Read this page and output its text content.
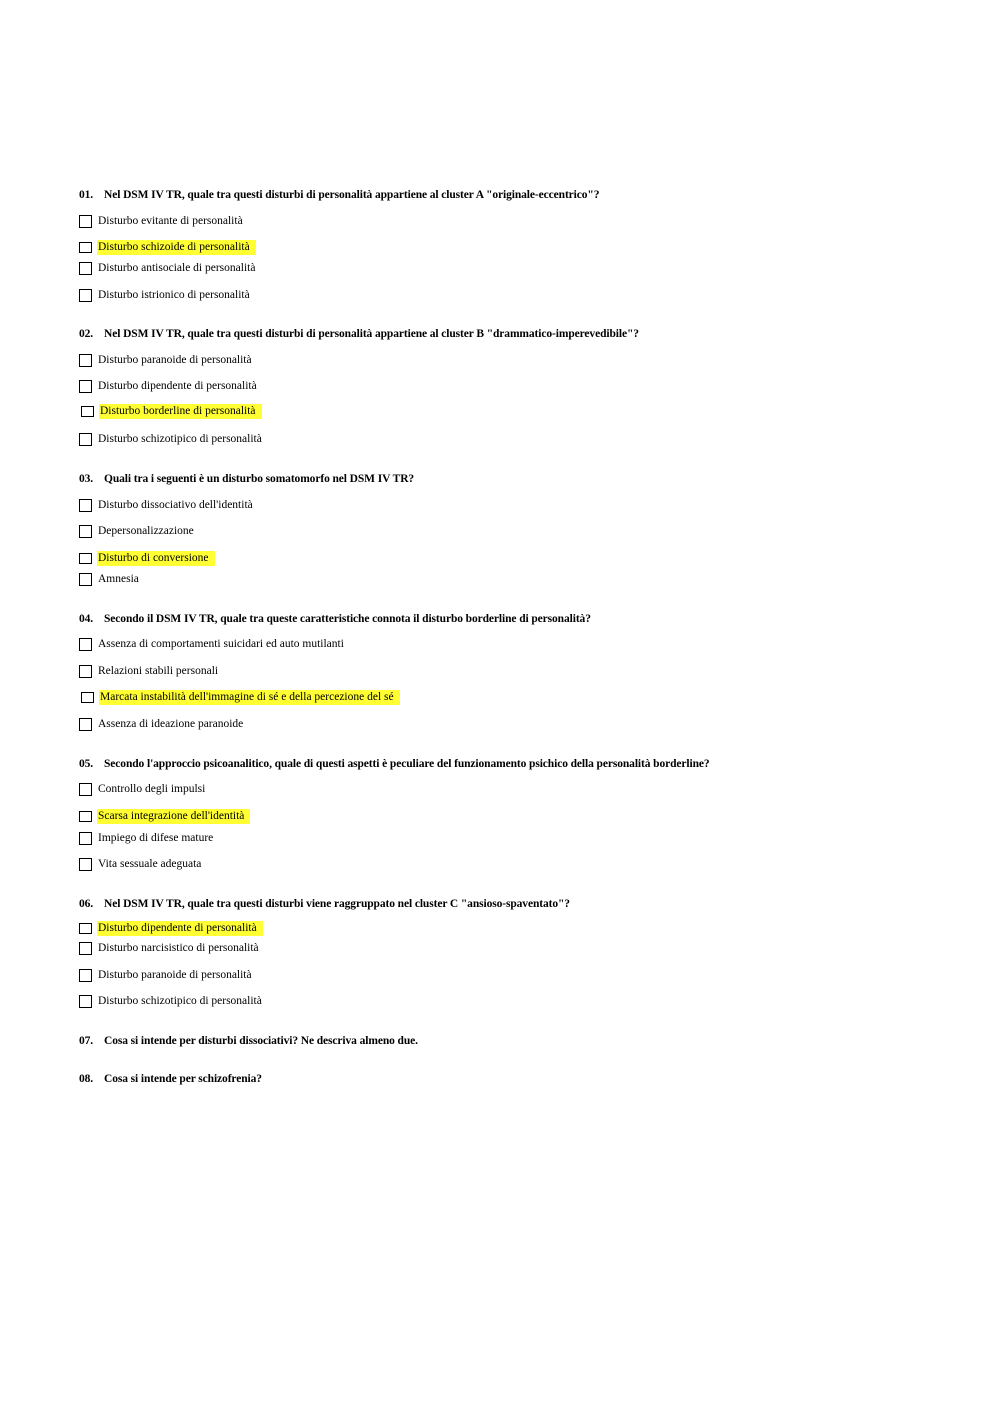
01. Nel DSM IV TR, quale tra questi disturbi di personalità appartiene al cluster A "originale-eccentrico"?
Disturbo evitante di personalità
Disturbo schizoide di personalità
Disturbo antisociale di personalità
Disturbo istrionico di personalità
02. Nel DSM IV TR, quale tra questi disturbi di personalità appartiene al cluster B "drammatico-imperevedibile"?
Disturbo paranoide di personalità
Disturbo dipendente di personalità
Disturbo borderline di personalità
Disturbo schizotipico di personalità
03. Quali tra i seguenti è un disturbo somatomorfo nel DSM IV TR?
Disturbo dissociativo dell'identità
Depersonalizzazione
Disturbo di conversione
Amnesia
04. Secondo il DSM IV TR, quale tra queste caratteristiche connota il disturbo borderline di personalità?
Assenza di comportamenti suicidari ed auto mutilanti
Relazioni stabili personali
Marcata instabilità dell'immagine di sé e della percezione del sé
Assenza di ideazione paranoide
05. Secondo l'approccio psicoanalitico, quale di questi aspetti è peculiare del funzionamento psichico della personalità borderline?
Controllo degli impulsi
Scarsa integrazione dell'identità
Impiego di difese mature
Vita sessuale adeguata
06. Nel DSM IV TR, quale tra questi disturbi viene raggruppato nel cluster C "ansioso-spaventato"?
Disturbo dipendente di personalità
Disturbo narcisistico di personalità
Disturbo paranoide di personalità
Disturbo schizotipico di personalità
07. Cosa si intende per disturbi dissociativi? Ne descriva almeno due.
08. Cosa si intende per schizofrenia?
